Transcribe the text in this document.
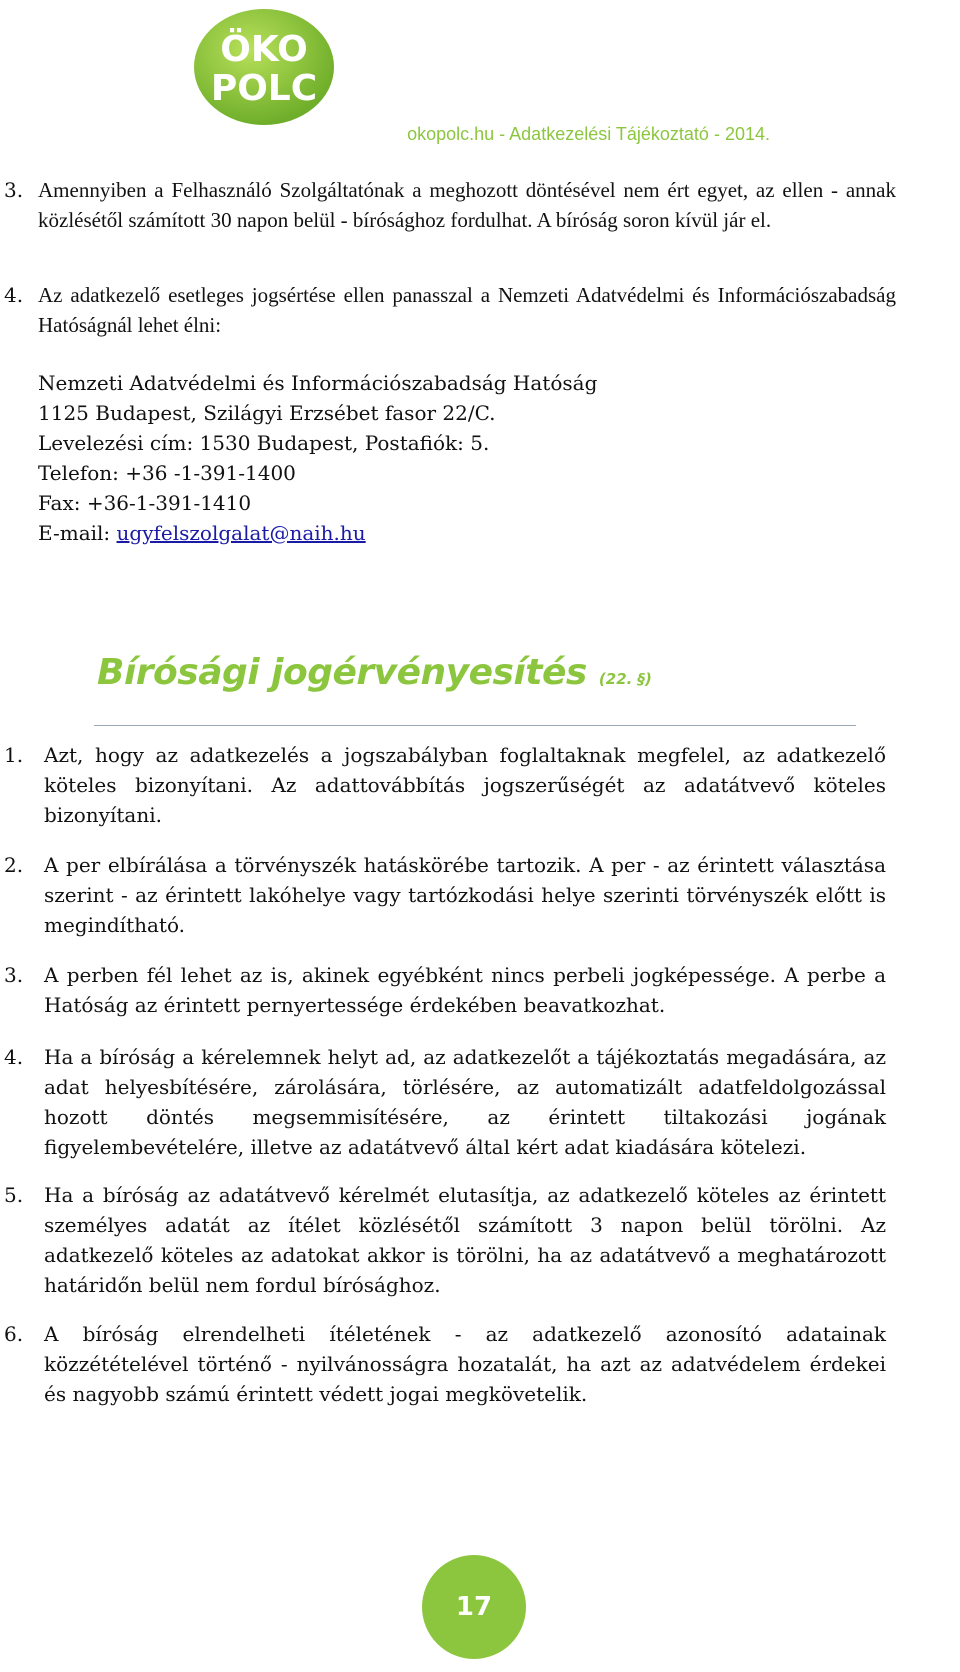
ÖKO
POLC
okopolc.hu - Adatkezelési Tájékoztató - 2014.
3. Amennyiben a Felhasználó Szolgáltatónak a meghozott döntésével nem ért egyet, az ellen - annak közlésétől számított 30 napon belül - bírósághoz fordulhat. A bíróság soron kívül jár el.
4. Az adatkezelő esetleges jogsértése ellen panasszal a Nemzeti Adatvédelmi és Információszabadság Hatóságnál lehet élni:
Nemzeti Adatvédelmi és Információszabadság Hatóság
1125 Budapest, Szilágyi Erzsébet fasor 22/C.
Levelezési cím: 1530 Budapest, Postafiók: 5.
Telefon: +36 -1-391-1400
Fax: +36-1-391-1410
E-mail: ugyfelszolgalat@naih.hu
Bírósági jogérvényesítés (22. §)
1. Azt, hogy az adatkezelés a jogszabályban foglaltaknak megfelel, az adatkezelő köteles bizonyítani. Az adattovábbítás jogszerűségét az adatátvevő köteles bizonyítani.
2. A per elbírálása a törvényszék hatáskörébe tartozik. A per - az érintett választása szerint - az érintett lakóhelye vagy tartózkodási helye szerinti törvényszék előtt is megindítható.
3. A perben fél lehet az is, akinek egyébként nincs perbeli jogképessége. A perbe a Hatóság az érintett pernyertessége érdekében beavatkozhat.
4. Ha a bíróság a kérelemnek helyt ad, az adatkezelőt a tájékoztatás megadására, az adat helyesbítésére, zárolására, törlésére, az automatizált adatfeldolgozással hozott döntés megsemmisítésére, az érintett tiltakozási jogának figyelembevételére, illetve az adatátvevő által kért adat kiadására kötelezi.
5. Ha a bíróság az adatátvevő kérelmét elutasítja, az adatkezelő köteles az érintett személyes adatát az ítélet közlésétől számított 3 napon belül törölni. Az adatkezelő köteles az adatokat akkor is törölni, ha az adatátvevő a meghatározott határidőn belül nem fordul bírósághoz.
6. A bíróság elrendelheti ítéletének - az adatkezelő azonosító adatainak közzétételével történő - nyilvánosságra hozatalát, ha azt az adatvédelem érdekei és nagyobb számú érintett védett jogai megkövetelik.
17
